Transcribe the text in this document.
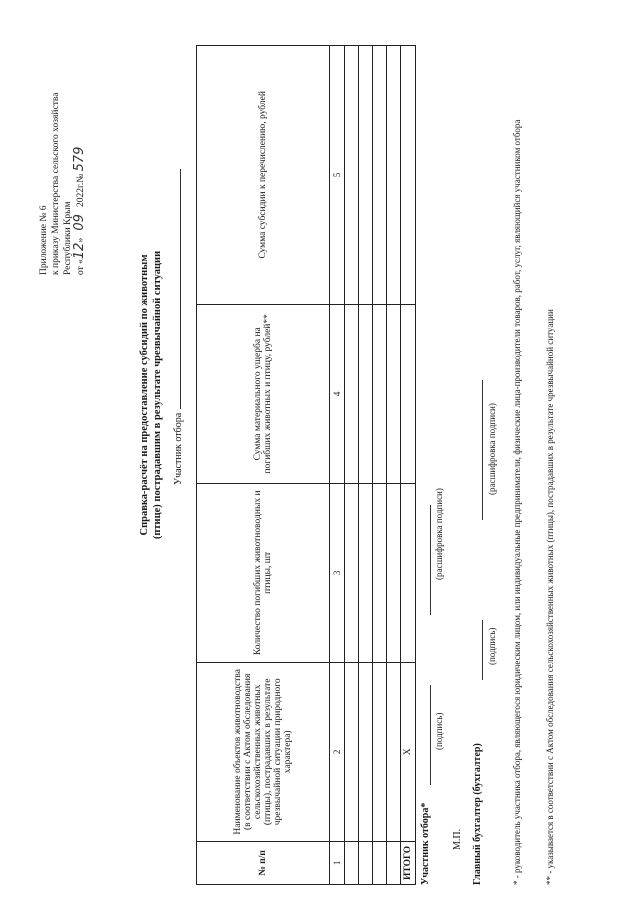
Приложение № 6 к приказу Министерства сельского хозяйства Республики Крым от «12»   09   2022г.№ 579
Справка-расчёт на предоставление субсидий по животным (птице) пострадавшим в результате чрезвычайной ситуации	Участник отбора
№ п/п	Наименование объектов животноводства (в соответствии с Актом обследования сельскохозяйственных животных (птицы), пострадавших в результате чрезвычайной ситуации природного характера)	Количество погибших животноводных и птицы, шт	Сумма материального ущерба на погибших животных и птицу, рублей**	Сумма субсидии к перечислению, рублей
1	2	3	4	5

ИТОГО	X			
Участник отбора*
(подпись)
(расшифровка подписи)
М.П. Главный бухгалтер (бухгалтер)
(подпись)
(расшифровка подписи) * - руководитель участника отбора, являющегося юридическим лицом, или индивидуальные предприниматели, физические лица-производители товаров, работ, услуг, являющийся участником отбора	** - указывается в соответствии с Актом обследования сельскохозяйственных животных (птицы), пострадавших в результате чрезвычайной ситуации
